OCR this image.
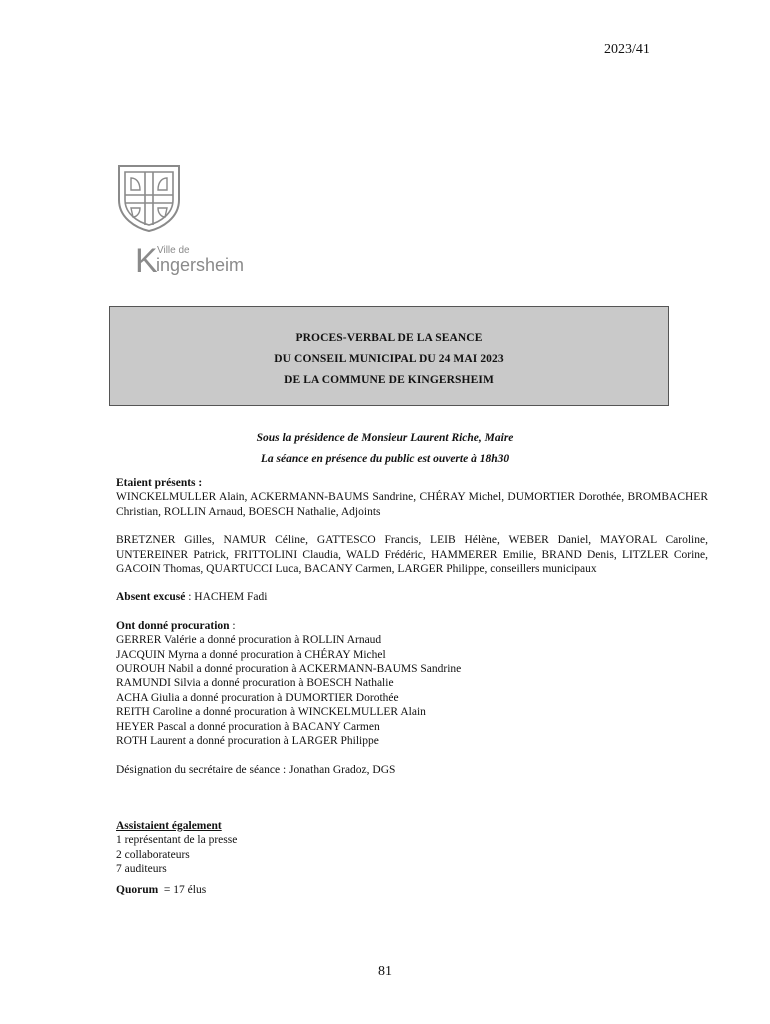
2023/41
K Ville de
ingersheim
PROCES-VERBAL DE LA SEANCE
DU CONSEIL MUNICIPAL DU 24 MAI 2023
DE LA COMMUNE DE KINGERSHEIM
Sous la présidence de Monsieur Laurent Riche, Maire
La séance en présence du public est ouverte à 18h30
Etaient présents :
WINCKELMULLER Alain, ACKERMANN-BAUMS Sandrine, CHÉRAY Michel, DUMORTIER Dorothée, BROMBACHER Christian, ROLLIN Arnaud, BOESCH Nathalie, Adjoints
BRETZNER Gilles, NAMUR Céline, GATTESCO Francis, LEIB Hélène, WEBER Daniel, MAYORAL Caroline, UNTEREINER Patrick, FRITTOLINI Claudia, WALD Frédéric, HAMMERER Emilie, BRAND Denis, LITZLER Corine, GACOIN Thomas, QUARTUCCI Luca, BACANY Carmen, LARGER Philippe, conseillers municipaux
Absent excusé : HACHEM Fadi
Ont donné procuration :
GERRER Valérie a donné procuration à ROLLIN Arnaud
JACQUIN Myrna a donné procuration à CHÉRAY Michel
OUROUH Nabil a donné procuration à ACKERMANN-BAUMS Sandrine
RAMUNDI Silvia a donné procuration à BOESCH Nathalie
ACHA Giulia a donné procuration à DUMORTIER Dorothée
REITH Caroline a donné procuration à WINCKELMULLER Alain
HEYER Pascal a donné procuration à BACANY Carmen
ROTH Laurent a donné procuration à LARGER Philippe
Désignation du secrétaire de séance : Jonathan Gradoz, DGS
Assistaient également
1 représentant de la presse
2 collaborateurs
7 auditeurs
Quorum  = 17 élus
81
